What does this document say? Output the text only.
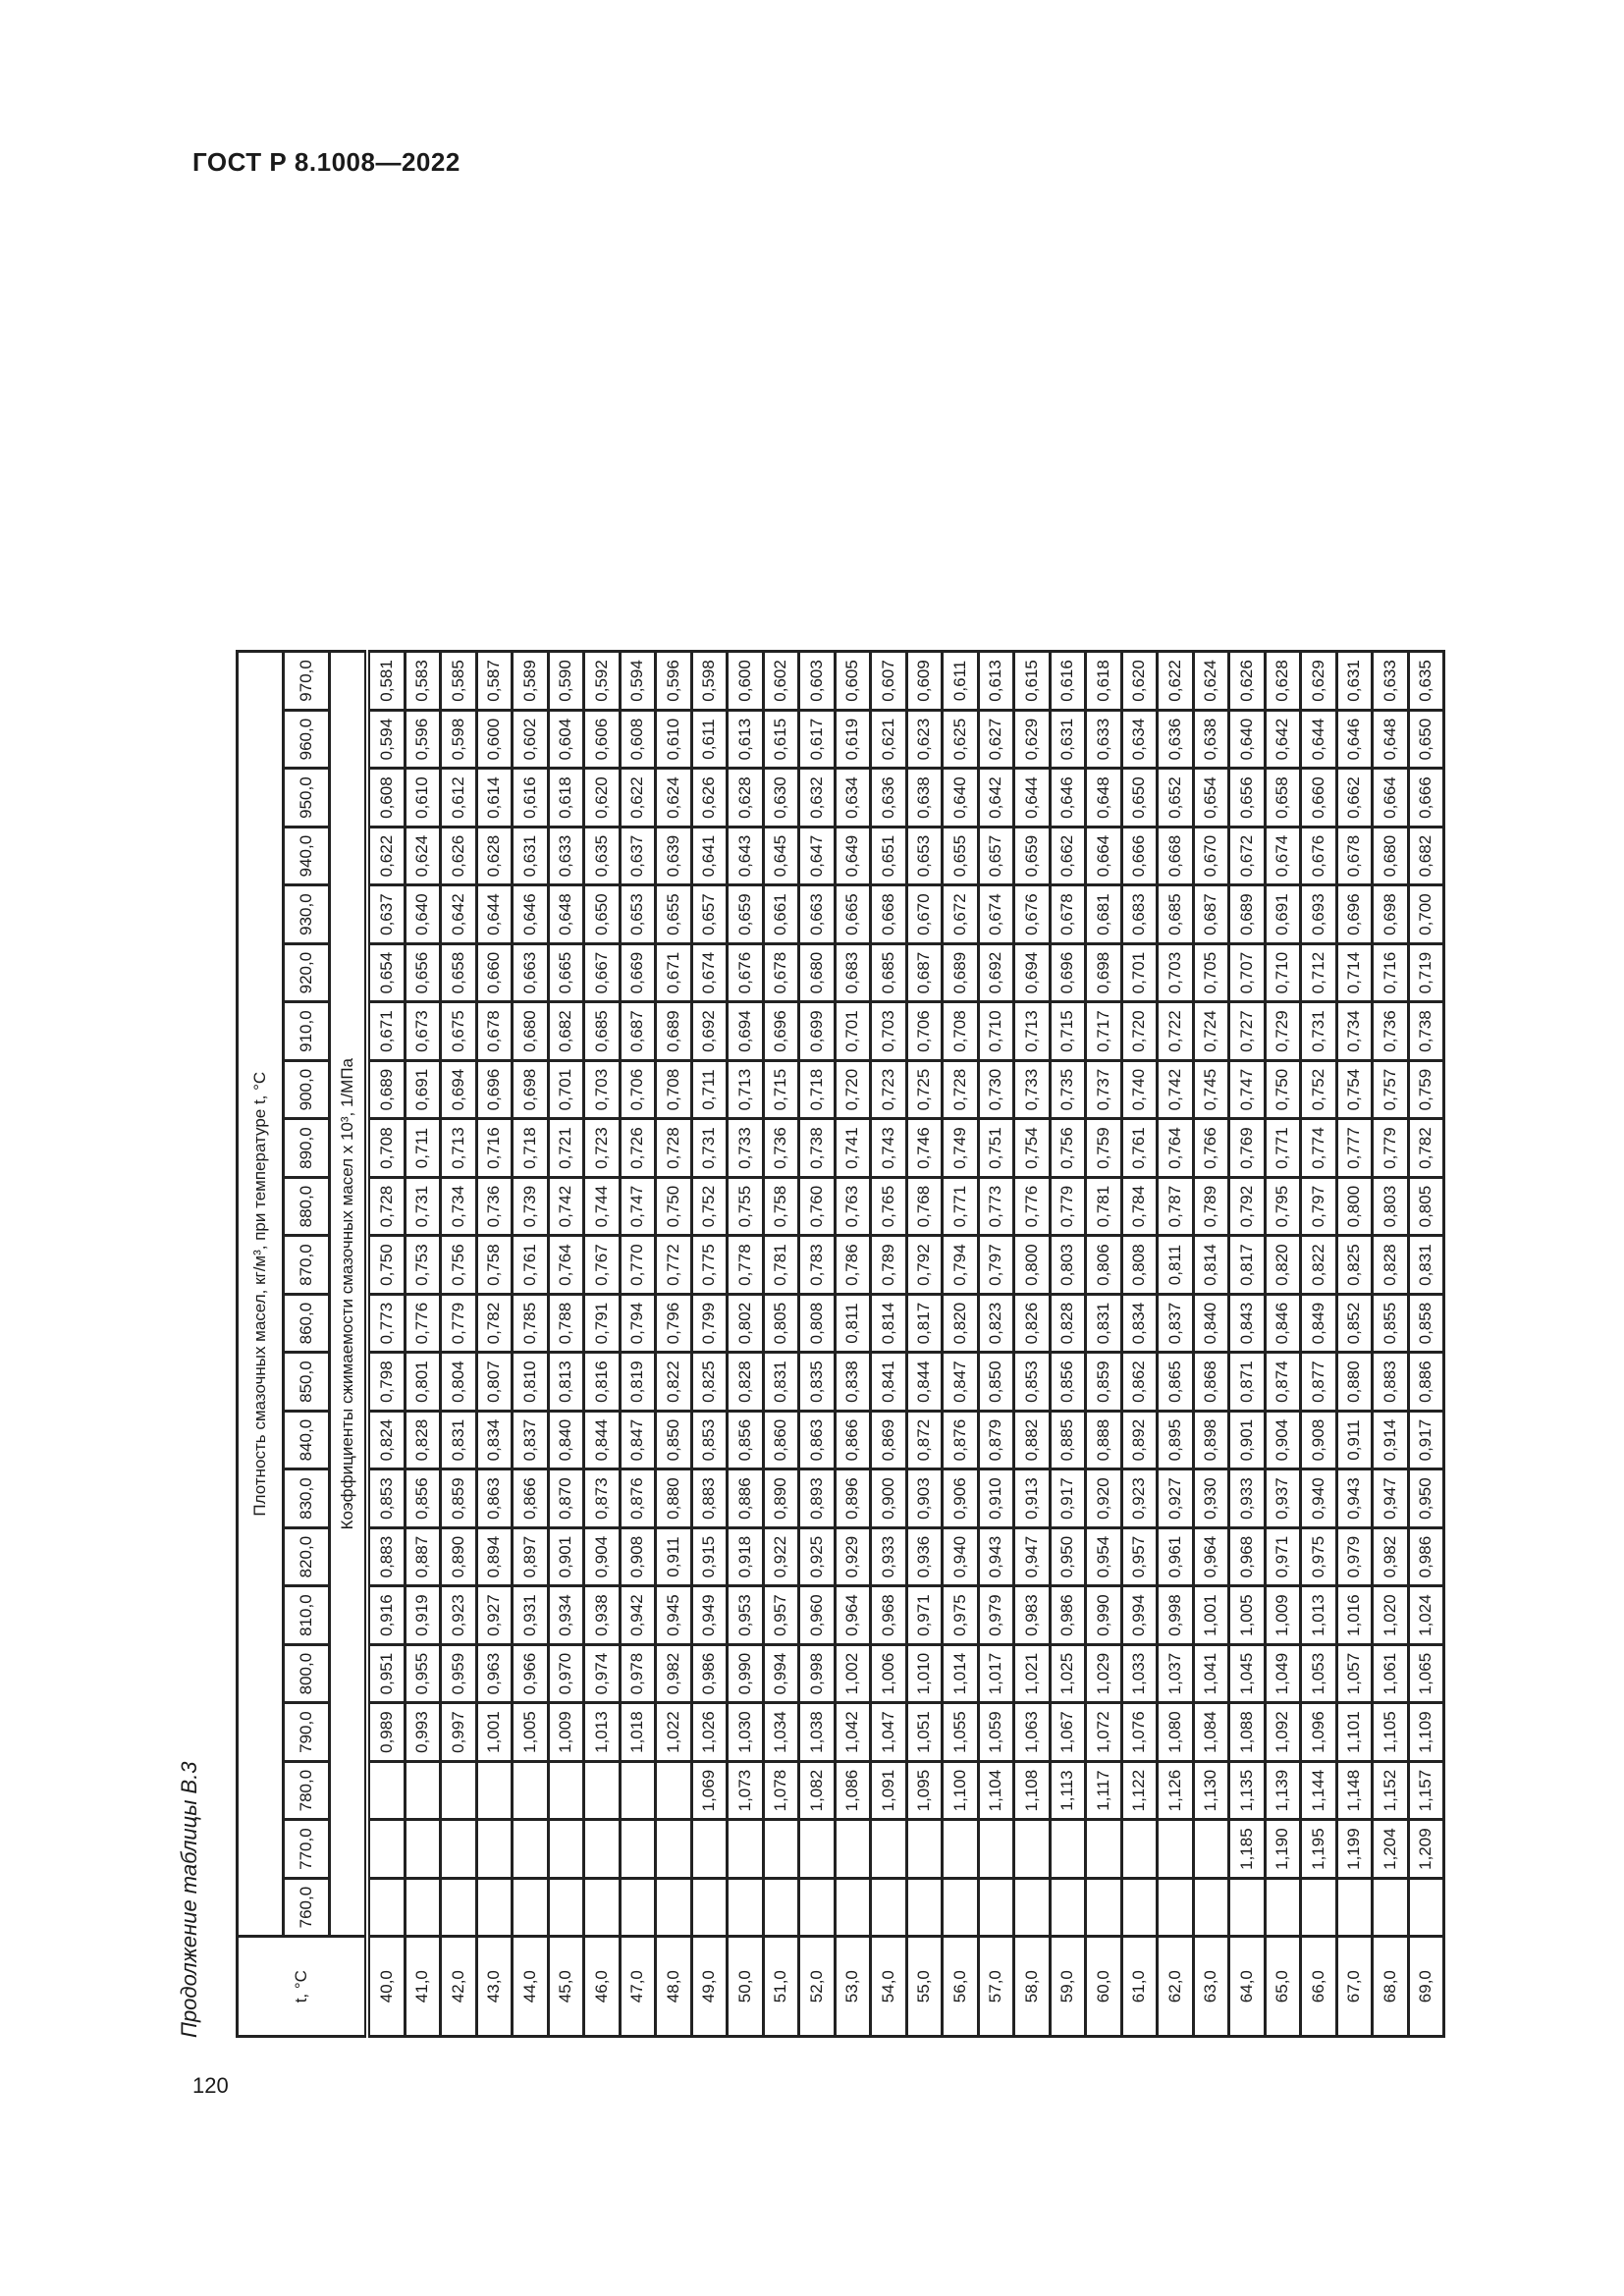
ГОСТ Р 8.1008—2022
Продолжение таблицы В.3	t, °C	Плотность смазочных масел, кг/м³, при температуре t, °C																					
	760,0	770,0	780,0	790,0	800,0	810,0	820,0	830,0	840,0	850,0	860,0	870,0	880,0	890,0	900,0	910,0	920,0	930,0	940,0	950,0	960,0	970,0
	Коэффициенты сжимаемости смазочных масел x 10³, 1/МПа																					
40,0				0,989	0,951	0,916	0,883	0,853	0,824	0,798	0,773	0,750	0,728	0,708	0,689	0,671	0,654	0,637	0,622	0,608	0,594	0,581
41,0				0,993	0,955	0,919	0,887	0,856	0,828	0,801	0,776	0,753	0,731	0,711	0,691	0,673	0,656	0,640	0,624	0,610	0,596	0,583
42,0				0,997	0,959	0,923	0,890	0,859	0,831	0,804	0,779	0,756	0,734	0,713	0,694	0,675	0,658	0,642	0,626	0,612	0,598	0,585
43,0				1,001	0,963	0,927	0,894	0,863	0,834	0,807	0,782	0,758	0,736	0,716	0,696	0,678	0,660	0,644	0,628	0,614	0,600	0,587
44,0				1,005	0,966	0,931	0,897	0,866	0,837	0,810	0,785	0,761	0,739	0,718	0,698	0,680	0,663	0,646	0,631	0,616	0,602	0,589
45,0				1,009	0,970	0,934	0,901	0,870	0,840	0,813	0,788	0,764	0,742	0,721	0,701	0,682	0,665	0,648	0,633	0,618	0,604	0,590
46,0				1,013	0,974	0,938	0,904	0,873	0,844	0,816	0,791	0,767	0,744	0,723	0,703	0,685	0,667	0,650	0,635	0,620	0,606	0,592
47,0				1,018	0,978	0,942	0,908	0,876	0,847	0,819	0,794	0,770	0,747	0,726	0,706	0,687	0,669	0,653	0,637	0,622	0,608	0,594
48,0				1,022	0,982	0,945	0,911	0,880	0,850	0,822	0,796	0,772	0,750	0,728	0,708	0,689	0,671	0,655	0,639	0,624	0,610	0,596
49,0			1,069	1,026	0,986	0,949	0,915	0,883	0,853	0,825	0,799	0,775	0,752	0,731	0,711	0,692	0,674	0,657	0,641	0,626	0,611	0,598
50,0			1,073	1,030	0,990	0,953	0,918	0,886	0,856	0,828	0,802	0,778	0,755	0,733	0,713	0,694	0,676	0,659	0,643	0,628	0,613	0,600
51,0			1,078	1,034	0,994	0,957	0,922	0,890	0,860	0,831	0,805	0,781	0,758	0,736	0,715	0,696	0,678	0,661	0,645	0,630	0,615	0,602
52,0			1,082	1,038	0,998	0,960	0,925	0,893	0,863	0,835	0,808	0,783	0,760	0,738	0,718	0,699	0,680	0,663	0,647	0,632	0,617	0,603
53,0			1,086	1,042	1,002	0,964	0,929	0,896	0,866	0,838	0,811	0,786	0,763	0,741	0,720	0,701	0,683	0,665	0,649	0,634	0,619	0,605
54,0			1,091	1,047	1,006	0,968	0,933	0,900	0,869	0,841	0,814	0,789	0,765	0,743	0,723	0,703	0,685	0,668	0,651	0,636	0,621	0,607
55,0			1,095	1,051	1,010	0,971	0,936	0,903	0,872	0,844	0,817	0,792	0,768	0,746	0,725	0,706	0,687	0,670	0,653	0,638	0,623	0,609
56,0			1,100	1,055	1,014	0,975	0,940	0,906	0,876	0,847	0,820	0,794	0,771	0,749	0,728	0,708	0,689	0,672	0,655	0,640	0,625	0,611
57,0			1,104	1,059	1,017	0,979	0,943	0,910	0,879	0,850	0,823	0,797	0,773	0,751	0,730	0,710	0,692	0,674	0,657	0,642	0,627	0,613
58,0			1,108	1,063	1,021	0,983	0,947	0,913	0,882	0,853	0,826	0,800	0,776	0,754	0,733	0,713	0,694	0,676	0,659	0,644	0,629	0,615
59,0			1,113	1,067	1,025	0,986	0,950	0,917	0,885	0,856	0,828	0,803	0,779	0,756	0,735	0,715	0,696	0,678	0,662	0,646	0,631	0,616
60,0			1,117	1,072	1,029	0,990	0,954	0,920	0,888	0,859	0,831	0,806	0,781	0,759	0,737	0,717	0,698	0,681	0,664	0,648	0,633	0,618
61,0			1,122	1,076	1,033	0,994	0,957	0,923	0,892	0,862	0,834	0,808	0,784	0,761	0,740	0,720	0,701	0,683	0,666	0,650	0,634	0,620
62,0			1,126	1,080	1,037	0,998	0,961	0,927	0,895	0,865	0,837	0,811	0,787	0,764	0,742	0,722	0,703	0,685	0,668	0,652	0,636	0,622
63,0			1,130	1,084	1,041	1,001	0,964	0,930	0,898	0,868	0,840	0,814	0,789	0,766	0,745	0,724	0,705	0,687	0,670	0,654	0,638	0,624
64,0		1,185	1,135	1,088	1,045	1,005	0,968	0,933	0,901	0,871	0,843	0,817	0,792	0,769	0,747	0,727	0,707	0,689	0,672	0,656	0,640	0,626
65,0		1,190	1,139	1,092	1,049	1,009	0,971	0,937	0,904	0,874	0,846	0,820	0,795	0,771	0,750	0,729	0,710	0,691	0,674	0,658	0,642	0,628
66,0		1,195	1,144	1,096	1,053	1,013	0,975	0,940	0,908	0,877	0,849	0,822	0,797	0,774	0,752	0,731	0,712	0,693	0,676	0,660	0,644	0,629
67,0		1,199	1,148	1,101	1,057	1,016	0,979	0,943	0,911	0,880	0,852	0,825	0,800	0,777	0,754	0,734	0,714	0,696	0,678	0,662	0,646	0,631
68,0		1,204	1,152	1,105	1,061	1,020	0,982	0,947	0,914	0,883	0,855	0,828	0,803	0,779	0,757	0,736	0,716	0,698	0,680	0,664	0,648	0,633
69,0		1,209	1,157	1,109	1,065	1,024	0,986	0,950	0,917	0,886	0,858	0,831	0,805	0,782	0,759	0,738	0,719	0,700	0,682	0,666	0,650	0,635
120
